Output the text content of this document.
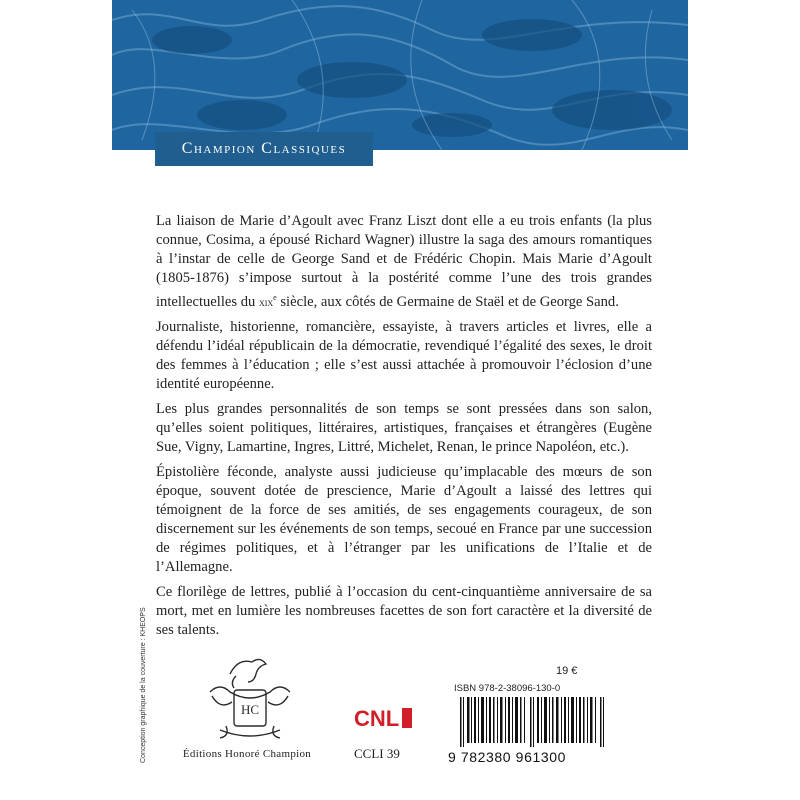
Champion Classiques

La liaison de Marie d’Agoult avec Franz Liszt dont elle a eu trois enfants (la plus connue, Cosima, a épousé Richard Wagner) illustre la saga des amours romantiques à l’instar de celle de George Sand et de Frédéric Chopin. Mais Marie d’Agoult (1805-1876) s’impose surtout à la postérité comme l’une des trois grandes intellectuelles du xix$^e$ siècle, aux côtés de Germaine de Staël et de George Sand.

Journaliste, historienne, romancière, essayiste, à travers articles et livres, elle a défendu l’idéal républicain de la démocratie, revendiqué l’égalité des sexes, le droit des femmes à l’éducation ; elle s’est aussi attachée à promouvoir l’éclosion d’une identité européenne.

Les plus grandes personnalités de son temps se sont pressées dans son salon, qu’elles soient politiques, littéraires, artistiques, françaises et étrangères (Eugène Sue, Vigny, Lamartine, Ingres, Littré, Michelet, Renan, le prince Napoléon, etc.).

Épistolière féconde, analyste aussi judicieuse qu’implacable des mœurs de son époque, souvent dotée de prescience, Marie d’Agoult a laissé des lettres qui témoignent de la force de ses amitiés, de ses engagements courageux, de son discernement sur les événements de son temps, secoué en France par une succession de régimes politiques, et à l’étranger par les unifications de l’Italie et de l’Allemagne.

Ce florilège de lettres, publié à l’occasion du cent-cinquantième anniversaire de sa mort, met en lumière les nombreuses facettes de son fort caractère et la diversité de ses talents.

Conception graphique de la couverture : KHEOPS	HC
Éditions Honoré Champion
CNL
CCLI 39
19 €
ISBN 978-2-38096-130-0
9 782380 961300
